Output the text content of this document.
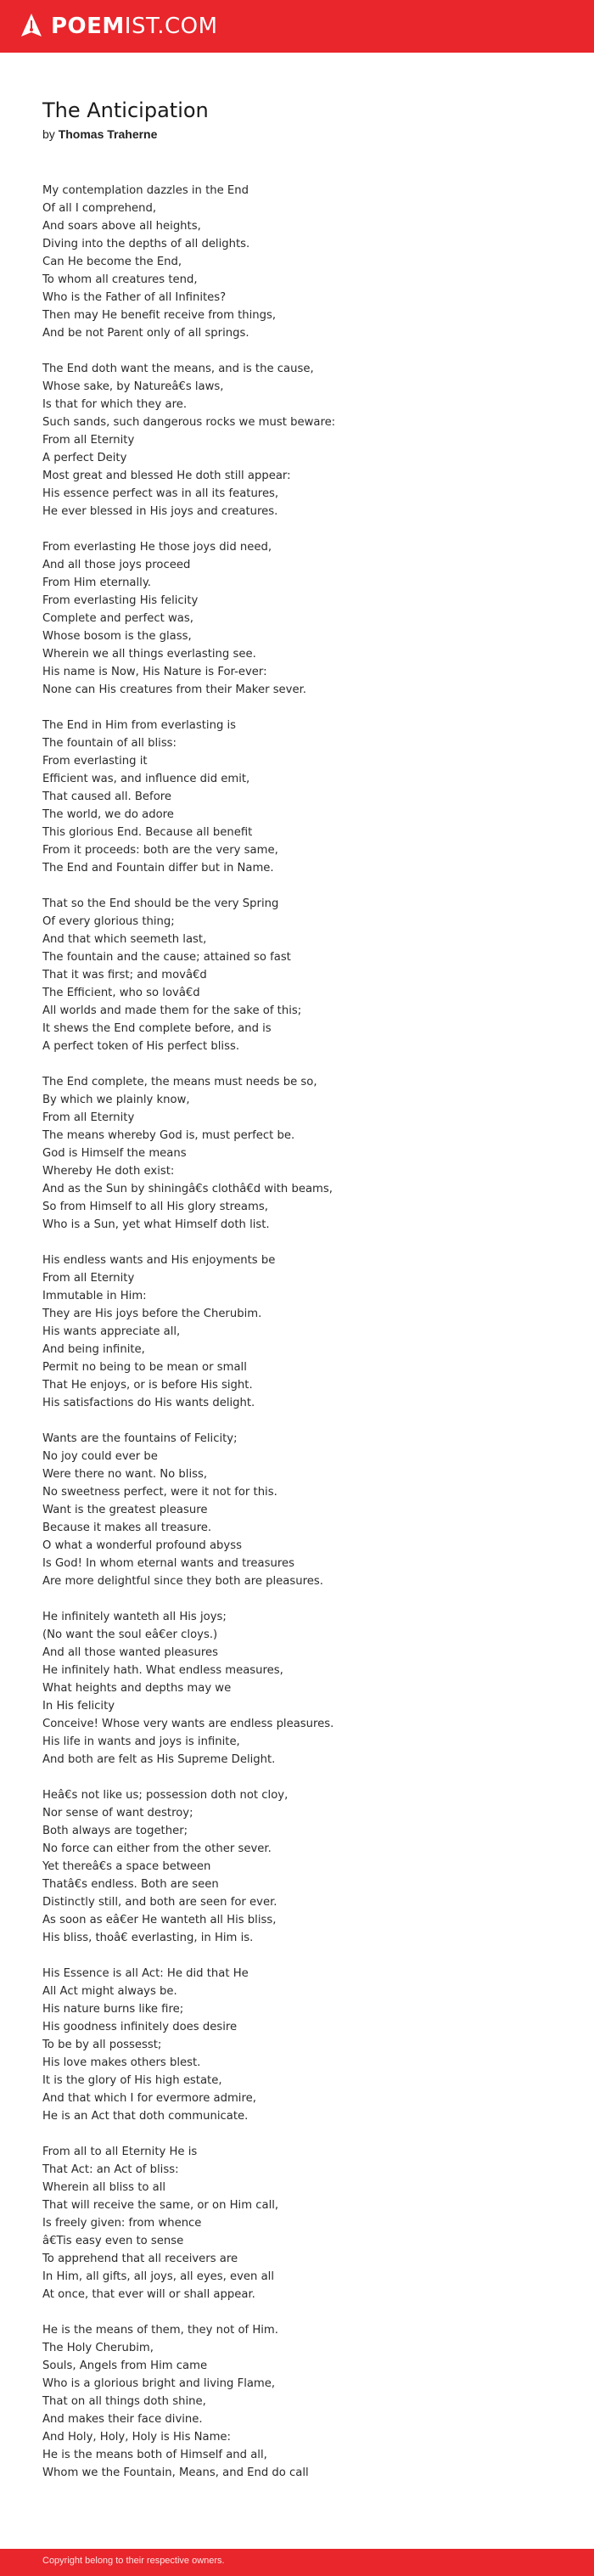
POEMIST.COM
The Anticipation
by Thomas Traherne
My contemplation dazzles in the End
Of all I comprehend,
And soars above all heights,
Diving into the depths of all delights.
Can He become the End,
To whom all creatures tend,
Who is the Father of all Infinites?
Then may He benefit receive from things,
And be not Parent only of all springs.
The End doth want the means, and is the cause,
Whose sake, by Natureâ€s laws,
Is that for which they are.
Such sands, such dangerous rocks we must beware:
From all Eternity
A perfect Deity
Most great and blessed He doth still appear:
His essence perfect was in all its features,
He ever blessed in His joys and creatures.
From everlasting He those joys did need,
And all those joys proceed
From Him eternally.
From everlasting His felicity
Complete and perfect was,
Whose bosom is the glass,
Wherein we all things everlasting see.
His name is Now, His Nature is For-ever:
None can His creatures from their Maker sever.
The End in Him from everlasting is
The fountain of all bliss:
From everlasting it
Efficient was, and influence did emit,
That caused all. Before
The world, we do adore
This glorious End. Because all benefit
From it proceeds: both are the very same,
The End and Fountain differ but in Name.
That so the End should be the very Spring
Of every glorious thing;
And that which seemeth last,
The fountain and the cause; attained so fast
That it was first; and movâ€d
The Efficient, who so lovâ€d
All worlds and made them for the sake of this;
It shews the End complete before, and is
A perfect token of His perfect bliss.
The End complete, the means must needs be so,
By which we plainly know,
From all Eternity
The means whereby God is, must perfect be.
God is Himself the means
Whereby He doth exist:
And as the Sun by shiningâ€s clothâ€d with beams,
So from Himself to all His glory streams,
Who is a Sun, yet what Himself doth list.
His endless wants and His enjoyments be
From all Eternity
Immutable in Him:
They are His joys before the Cherubim.
His wants appreciate all,
And being infinite,
Permit no being to be mean or small
That He enjoys, or is before His sight.
His satisfactions do His wants delight.
Wants are the fountains of Felicity;
No joy could ever be
Were there no want. No bliss,
No sweetness perfect, were it not for this.
Want is the greatest pleasure
Because it makes all treasure.
O what a wonderful profound abyss
Is God! In whom eternal wants and treasures
Are more delightful since they both are pleasures.
He infinitely wanteth all His joys;
(No want the soul eâ€er cloys.)
And all those wanted pleasures
He infinitely hath. What endless measures,
What heights and depths may we
In His felicity
Conceive! Whose very wants are endless pleasures.
His life in wants and joys is infinite,
And both are felt as His Supreme Delight.
Heâ€s not like us; possession doth not cloy,
Nor sense of want destroy;
Both always are together;
No force can either from the other sever.
Yet thereâ€s a space between
Thatâ€s endless. Both are seen
Distinctly still, and both are seen for ever.
As soon as eâ€er He wanteth all His bliss,
His bliss, thoâ€ everlasting, in Him is.
His Essence is all Act: He did that He
All Act might always be.
His nature burns like fire;
His goodness infinitely does desire
To be by all possesst;
His love makes others blest.
It is the glory of His high estate,
And that which I for evermore admire,
He is an Act that doth communicate.
From all to all Eternity He is
That Act: an Act of bliss:
Wherein all bliss to all
That will receive the same, or on Him call,
Is freely given: from whence
â€Tis easy even to sense
To apprehend that all receivers are
In Him, all gifts, all joys, all eyes, even all
At once, that ever will or shall appear.
He is the means of them, they not of Him.
The Holy Cherubim,
Souls, Angels from Him came
Who is a glorious bright and living Flame,
That on all things doth shine,
And makes their face divine.
And Holy, Holy, Holy is His Name:
He is the means both of Himself and all,
Whom we the Fountain, Means, and End do call
Copyright belong to their respective owners.
